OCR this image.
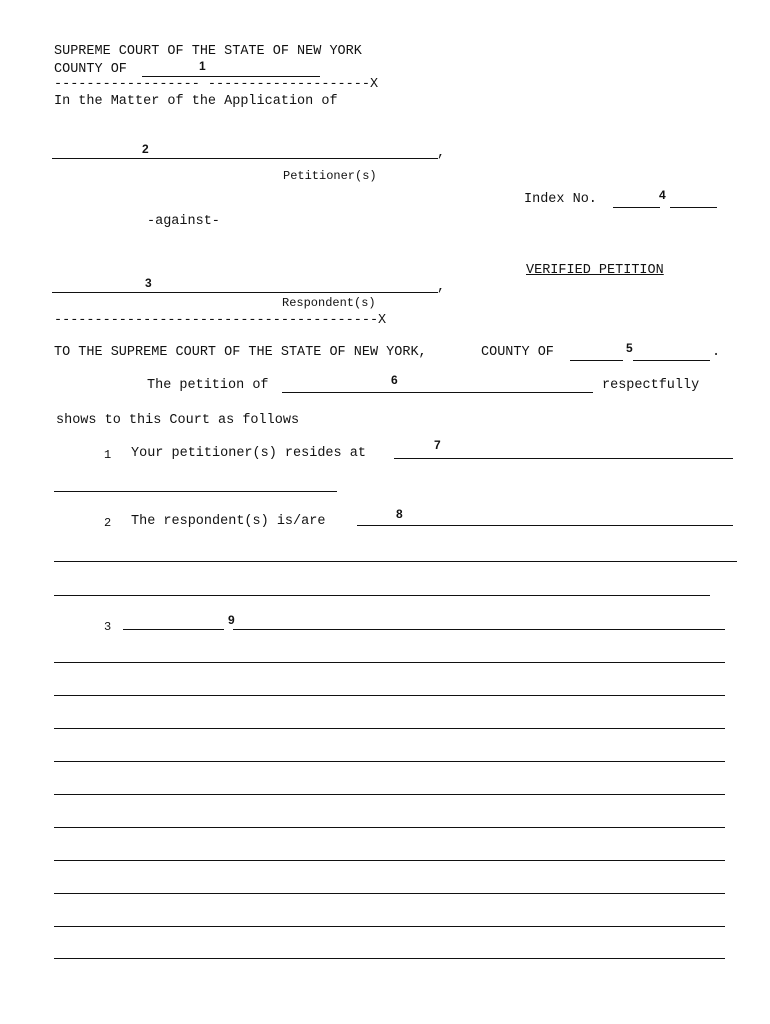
SUPREME COURT OF THE STATE OF NEW YORK
COUNTY OF	1
------------------ --------------------X
In the Matter of the Application of
2	,
Petitioner(s)
Index No.	4
-against-
VERIFIED PETITION
3	,
Respondent(s)
----------------------------------------X
TO THE SUPREME COURT OF THE STATE OF NEW YORK,	COUNTY OF	5	.
The petition of	6	respectfully
shows to this Court as follows
1 Your petitioner(s) resides at
7
2 The respondent(s) is/are	8
3	9
